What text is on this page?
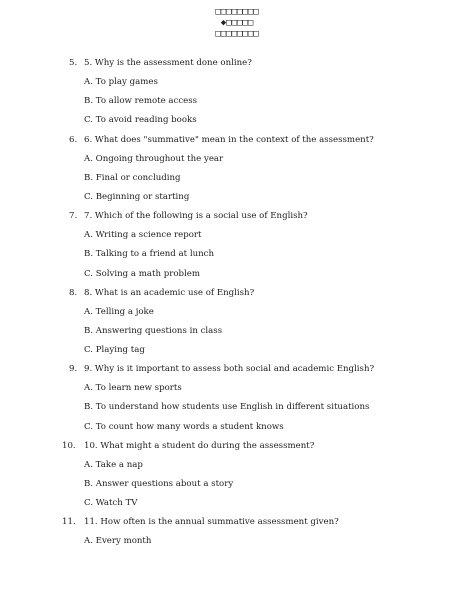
□□□□□□□□
◆□□□□□
□□□□□□□□
5. 5. Why is the assessment done online?
A. To play games
B. To allow remote access
C. To avoid reading books
6. 6. What does "summative" mean in the context of the assessment?
A. Ongoing throughout the year
B. Final or concluding
C. Beginning or starting
7. 7. Which of the following is a social use of English?
A. Writing a science report
B. Talking to a friend at lunch
C. Solving a math problem
8. 8. What is an academic use of English?
A. Telling a joke
B. Answering questions in class
C. Playing tag
9. 9. Why is it important to assess both social and academic English?
A. To learn new sports
B. To understand how students use English in different situations
C. To count how many words a student knows
10. 10. What might a student do during the assessment?
A. Take a nap
B. Answer questions about a story
C. Watch TV
11. 11. How often is the annual summative assessment given?
A. Every month
